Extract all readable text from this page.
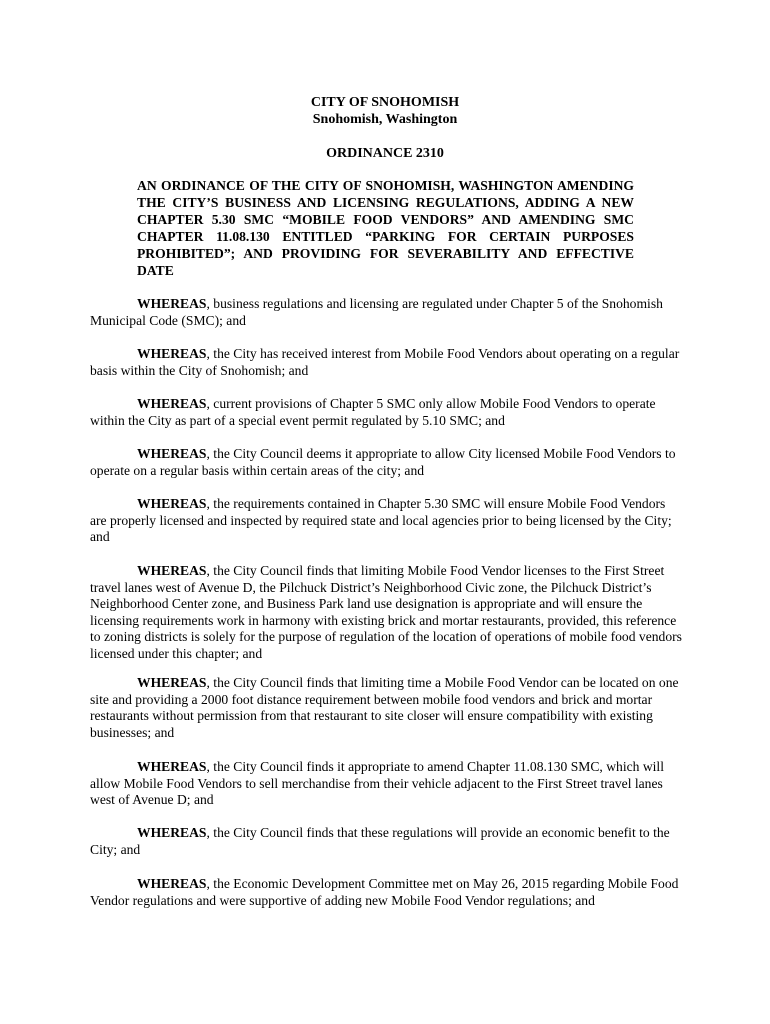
CITY OF SNOHOMISH
Snohomish, Washington
ORDINANCE 2310
AN ORDINANCE OF THE CITY OF SNOHOMISH, WASHINGTON AMENDING THE CITY’S BUSINESS AND LICENSING REGULATIONS, ADDING A NEW CHAPTER 5.30 SMC “MOBILE FOOD VENDORS” AND AMENDING SMC CHAPTER 11.08.130 ENTITLED “PARKING FOR CERTAIN PURPOSES PROHIBITED”; AND PROVIDING FOR SEVERABILITY AND EFFECTIVE DATE

WHEREAS, business regulations and licensing are regulated under Chapter 5 of the Snohomish Municipal Code (SMC); and

WHEREAS, the City has received interest from Mobile Food Vendors about operating on a regular basis within the City of Snohomish; and

WHEREAS, current provisions of Chapter 5 SMC only allow Mobile Food Vendors to operate within the City as part of a special event permit regulated by 5.10 SMC; and

WHEREAS, the City Council deems it appropriate to allow City licensed Mobile Food Vendors to operate on a regular basis within certain areas of the city; and

WHEREAS, the requirements contained in Chapter 5.30 SMC will ensure Mobile Food Vendors are properly licensed and inspected by required state and local agencies prior to being licensed by the City; and

WHEREAS, the City Council finds that limiting Mobile Food Vendor licenses to the First Street travel lanes west of Avenue D, the Pilchuck District’s Neighborhood Civic zone, the Pilchuck District’s Neighborhood Center zone, and Business Park land use designation is appropriate and will ensure the licensing requirements work in harmony with existing brick and mortar restaurants, provided, this reference to zoning districts is solely for the purpose of regulation of the location of operations of mobile food vendors licensed under this chapter; and

WHEREAS, the City Council finds that limiting time a Mobile Food Vendor can be located on one site and providing a 2000 foot distance requirement between mobile food vendors and brick and mortar restaurants without permission from that restaurant to site closer will ensure compatibility with existing businesses; and

WHEREAS, the City Council finds it appropriate to amend Chapter 11.08.130 SMC, which will allow Mobile Food Vendors to sell merchandise from their vehicle adjacent to the First Street travel lanes west of Avenue D; and

WHEREAS, the City Council finds that these regulations will provide an economic benefit to the City; and

WHEREAS, the Economic Development Committee met on May 26, 2015 regarding Mobile Food Vendor regulations and were supportive of adding new Mobile Food Vendor regulations; and
